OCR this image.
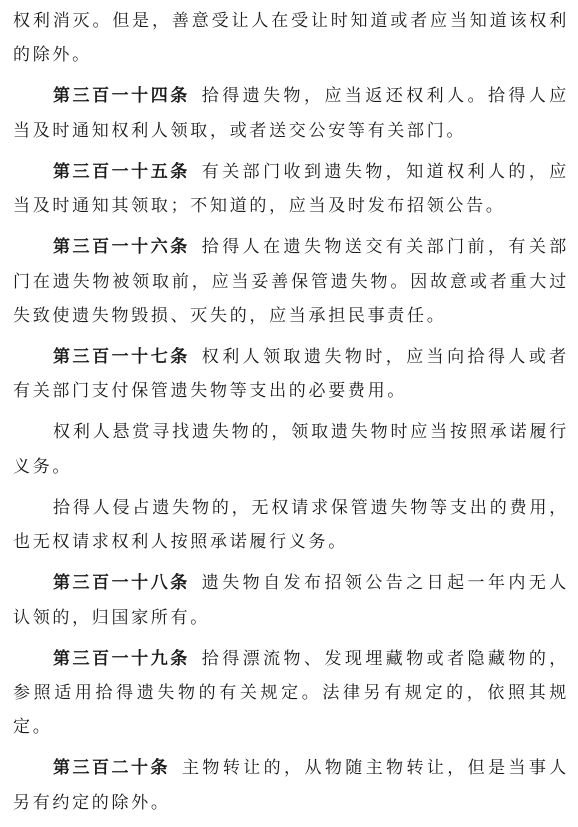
权利消灭。但是，善意受让人在受让时知道或者应当知道该权利的除外。

第三百一十四条 拾得遗失物，应当返还权利人。拾得人应当及时通知权利人领取，或者送交公安等有关部门。

第三百一十五条 有关部门收到遗失物，知道权利人的，应当及时通知其领取；不知道的，应当及时发布招领公告。

第三百一十六条 拾得人在遗失物送交有关部门前，有关部门在遗失物被领取前，应当妥善保管遗失物。因故意或者重大过失致使遗失物毁损、灭失的，应当承担民事责任。

第三百一十七条 权利人领取遗失物时，应当向拾得人或者有关部门支付保管遗失物等支出的必要费用。

权利人悬赏寻找遗失物的，领取遗失物时应当按照承诺履行义务。

拾得人侵占遗失物的，无权请求保管遗失物等支出的费用，也无权请求权利人按照承诺履行义务。

第三百一十八条 遗失物自发布招领公告之日起一年内无人认领的，归国家所有。

第三百一十九条 拾得漂流物、发现埋藏物或者隐藏物的，参照适用拾得遗失物的有关规定。法律另有规定的，依照其规定。

第三百二十条 主物转让的，从物随主物转让，但是当事人另有约定的除外。
